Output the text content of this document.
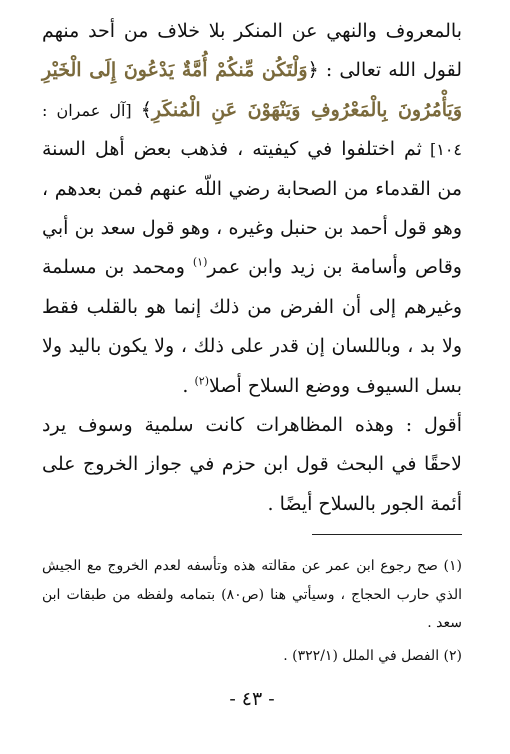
بالمعروف والنهي عن المنكر بلا خلاف من أحد منهم لقول الله تعالى : ﴿وَلْتَكُن مِّنكُمْ أُمَّةٌ يَدْعُونَ إِلَى الْخَيْرِ وَيَأْمُرُونَ بِالْمَعْرُوفِ وَيَنْهَوْنَ عَنِ الْمُنكَرِ﴾ [آل عمران : ١٠٤] ثم اختلفوا في كيفيته ، فذهب بعض أهل السنة من القدماء من الصحابة رضي اللّه عنهم فمن بعدهم ، وهو قول أحمد بن حنبل وغيره ، وهو قول سعد بن أبي وقاص وأسامة بن زيد وابن عمر$^{(١)}$ ومحمد بن مسلمة وغيرهم إلى أن الفرض من ذلك إنما هو بالقلب فقط ولا بد ، وباللسان إن قدر على ذلك ، ولا يكون باليد ولا بسل السيوف ووضع السلاح أصلا$^{(٢)}$ .

أقول : وهذه المظاهرات كانت سلمية وسوف يرد لاحقًا في البحث قول ابن حزم في جواز الخروج على أئمة الجور بالسلاح أيضًا .

(١) صح رجوع ابن عمر عن مقالته هذه وتأسفه لعدم الخروج مع الجيش الذي حارب الحجاج ، وسيأتي هنا (ص٨٠) بتمامه ولفظه من طبقات ابن سعد .

(٢) الفصل في الملل (٣٢٢/١) .

- ٤٣ -
